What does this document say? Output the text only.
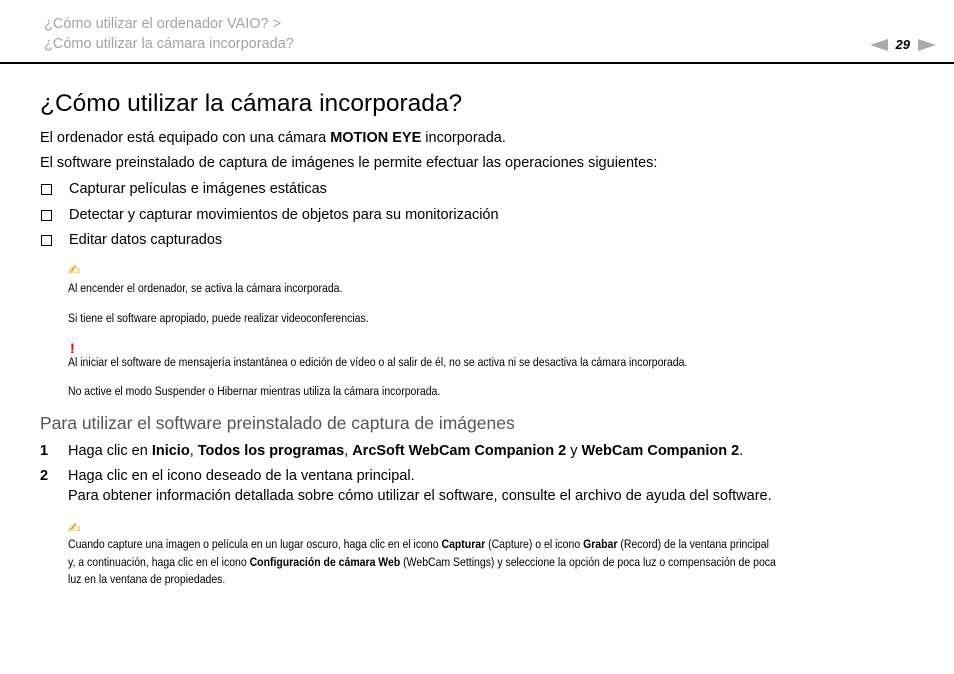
¿Cómo utilizar el ordenador VAIO? >
¿Cómo utilizar la cámara incorporada?	29
¿Cómo utilizar la cámara incorporada?
El ordenador está equipado con una cámara MOTION EYE incorporada.
El software preinstalado de captura de imágenes le permite efectuar las operaciones siguientes:
Capturar películas e imágenes estáticas
Detectar y capturar movimientos de objetos para su monitorización
Editar datos capturados
✍
Al encender el ordenador, se activa la cámara incorporada.
Si tiene el software apropiado, puede realizar videoconferencias.
!
Al iniciar el software de mensajería instantánea o edición de vídeo o al salir de él, no se activa ni se desactiva la cámara incorporada.
No active el modo Suspender o Hibernar mientras utiliza la cámara incorporada.
Para utilizar el software preinstalado de captura de imágenes
1 Haga clic en Inicio, Todos los programas, ArcSoft WebCam Companion 2 y WebCam Companion 2.
2 Haga clic en el icono deseado de la ventana principal.
Para obtener información detallada sobre cómo utilizar el software, consulte el archivo de ayuda del software.
✍
Cuando capture una imagen o película en un lugar oscuro, haga clic en el icono Capturar (Capture) o el icono Grabar (Record) de la ventana principal
y, a continuación, haga clic en el icono Configuración de cámara Web (WebCam Settings) y seleccione la opción de poca luz o compensación de poca
luz en la ventana de propiedades.
